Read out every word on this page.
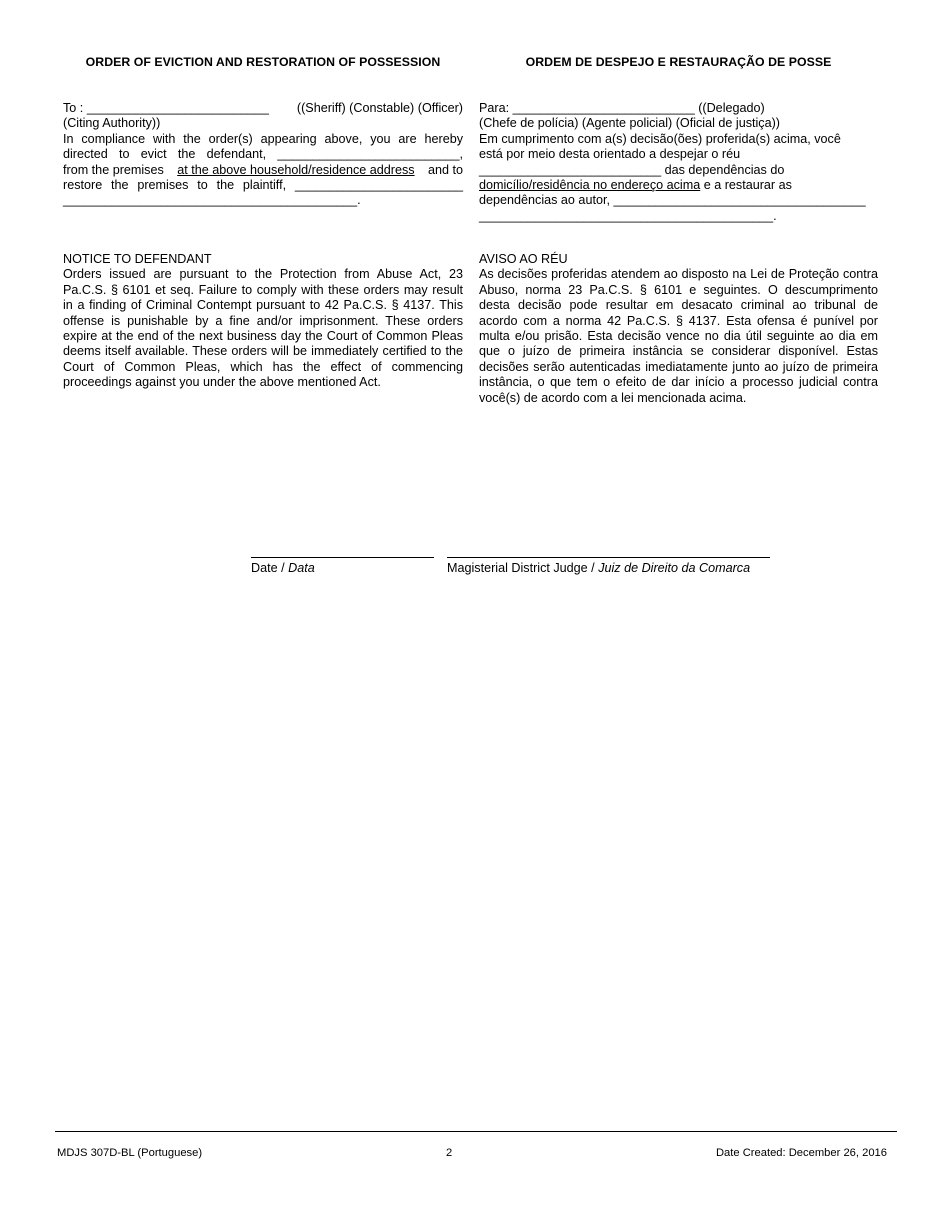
ORDER OF EVICTION AND RESTORATION OF POSSESSION
To : __________________________ ((Sheriff) (Constable) (Officer)
(Citing Authority))
In compliance with the order(s) appearing above, you are hereby directed to evict the defendant, __________________________,
from the premises at the above household/residence address and to
restore the premises to the plaintiff, ________________________
__________________________________________.
NOTICE TO DEFENDANT
Orders issued are pursuant to the Protection from Abuse Act, 23 Pa.C.S. § 6101 et seq. Failure to comply with these orders may result in a finding of Criminal Contempt pursuant to 42 Pa.C.S. § 4137. This offense is punishable by a fine and/or imprisonment. These orders expire at the end of the next business day the Court of Common Pleas deems itself available. These orders will be immediately certified to the Court of Common Pleas, which has the effect of commencing proceedings against you under the above mentioned Act.
ORDEM DE DESPEJO E RESTAURAÇÃO DE POSSE
Para: __________________________ ((Delegado)
(Chefe de polícia) (Agente policial) (Oficial de justiça))
Em cumprimento com a(s) decisão(ões) proferida(s) acima, você
está por meio desta orientado a despejar o réu
__________________________ das dependências do
domicílio/residência no endereço acima e a restaurar as
dependências ao autor, ____________________________________
__________________________________________.
AVISO AO RÉU
As decisões proferidas atendem ao disposto na Lei de Proteção contra Abuso, norma 23 Pa.C.S. § 6101 e seguintes. O descumprimento desta decisão pode resultar em desacato criminal ao tribunal de acordo com a norma 42 Pa.C.S. § 4137. Esta ofensa é punível por multa e/ou prisão. Esta decisão vence no dia útil seguinte ao dia em que o juízo de primeira instância se considerar disponível. Estas decisões serão autenticadas imediatamente junto ao juízo de primeira instância, o que tem o efeito de dar início a processo judicial contra você(s) de acordo com a lei mencionada acima.
Date / Data	Magisterial District Judge / Juiz de Direito da Comarca
MDJS 307D-BL (Portuguese)	2	Date Created: December 26, 2016
